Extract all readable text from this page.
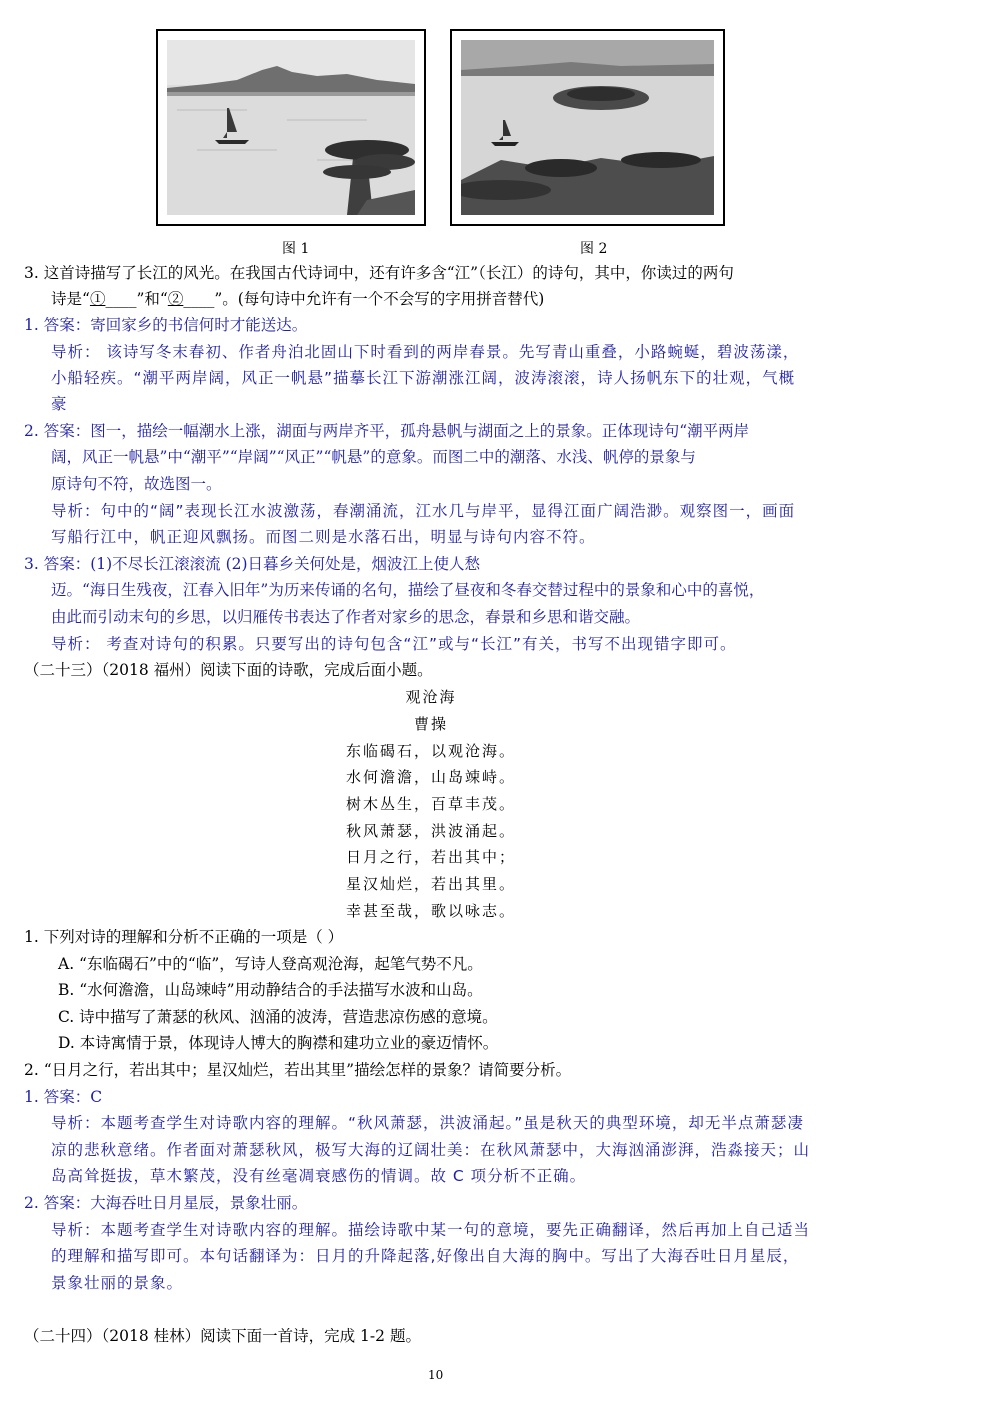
图 1	图 2
3. 这首诗描写了长江的风光。在我国古代诗词中，还有许多含“江”（长江）的诗句，其中，你读过的两句
诗是“①____”和“②____”。(每句诗中允许有一个不会写的字用拼音替代)
1. 答案：寄回家乡的书信何时才能送达。
导析： 该诗写冬末春初、作者舟泊北固山下时看到的两岸春景。先写青山重叠，小路蜿蜒，碧波荡漾，
小船轻疾。“潮平两岸阔，风正一帆悬”描摹长江下游潮涨江阔，波涛滚滚，诗人扬帆东下的壮观，气概
豪
2. 答案：图一，描绘一幅潮水上涨，湖面与两岸齐平，孤舟悬帆与湖面之上的景象。正体现诗句“潮平两岸
阔，风正一帆悬”中“潮平”“岸阔”“风正”“帆悬”的意象。而图二中的潮落、水浅、帆停的景象与
原诗句不符，故选图一。
导析：句中的“阔”表现长江水波激荡，春潮涌流，江水几与岸平，显得江面广阔浩渺。观察图一，画面
写船行江中，帆正迎风飘扬。而图二则是水落石出，明显与诗句内容不符。
3. 答案：(1)不尽长江滚滚流 (2)日暮乡关何处是，烟波江上使人愁
迈。“海日生残夜，江春入旧年”为历来传诵的名句，描绘了昼夜和冬春交替过程中的景象和心中的喜悦，
由此而引动末句的乡思，以归雁传书表达了作者对家乡的思念，春景和乡思和谐交融。
导析： 考查对诗句的积累。只要写出的诗句包含“江”或与“长江”有关，书写不出现错字即可。
（二十三）（2018 福州）阅读下面的诗歌，完成后面小题。
观沧海
曹操
东临碣石，以观沧海。
水何澹澹，山岛竦峙。
树木丛生，百草丰茂。
秋风萧瑟，洪波涌起。
日月之行，若出其中；
星汉灿烂，若出其里。
幸甚至哉，歌以咏志。
1. 下列对诗的理解和分析不正确的一项是（ ）
A. “东临碣石”中的“临”，写诗人登高观沧海，起笔气势不凡。
B. “水何澹澹，山岛竦峙”用动静结合的手法描写水波和山岛。
C. 诗中描写了萧瑟的秋风、汹涌的波涛，营造悲凉伤感的意境。
D. 本诗寓情于景，体现诗人博大的胸襟和建功立业的豪迈情怀。
2. “日月之行，若出其中；星汉灿烂，若出其里”描绘怎样的景象？请简要分析。
1. 答案：C
导析：本题考查学生对诗歌内容的理解。“秋风萧瑟，洪波涌起。”虽是秋天的典型环境，却无半点萧瑟凄
凉的悲秋意绪。作者面对萧瑟秋风，极写大海的辽阔壮美：在秋风萧瑟中，大海汹涌澎湃，浩淼接天；山
岛高耸挺拔，草木繁茂，没有丝毫凋衰感伤的情调。故 C 项分析不正确。
2. 答案：大海吞吐日月星辰，景象壮丽。
导析：本题考查学生对诗歌内容的理解。描绘诗歌中某一句的意境，要先正确翻译，然后再加上自己适当
的理解和描写即可。本句话翻译为：日月的升降起落,好像出自大海的胸中。写出了大海吞吐日月星辰，
景象壮丽的景象。
（二十四）（2018 桂林）阅读下面一首诗，完成 1-2 题。
10
